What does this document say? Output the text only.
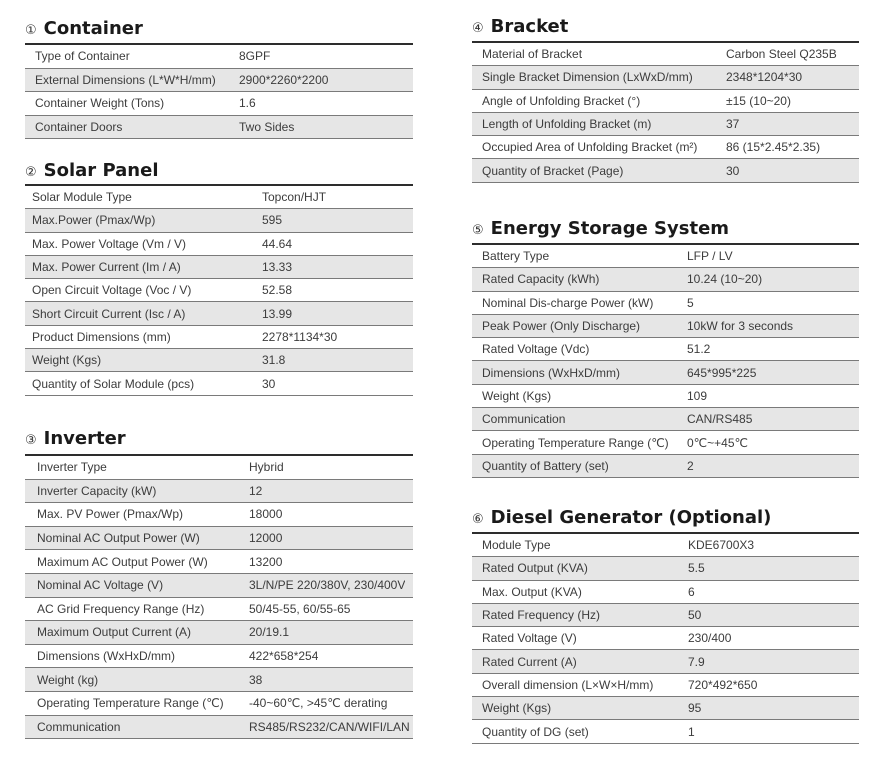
① Container
Type of Container	8GPF
External Dimensions (L*W*H/mm)	2900*2260*2200
Container Weight (Tons)	1.6
Container Doors	Two Sides
② Solar Panel
Solar Module Type	Topcon/HJT
Max.Power (Pmax/Wp)	595
Max. Power Voltage (Vm / V)	44.64
Max. Power Current (Im / A)	13.33
Open Circuit Voltage (Voc / V)	52.58
Short Circuit Current (Isc / A)	13.99
Product Dimensions (mm)	2278*1134*30
Weight (Kgs)	31.8
Quantity of Solar Module (pcs)	30
③ Inverter
Inverter Type	Hybrid
Inverter Capacity (kW)	12
Max. PV Power (Pmax/Wp)	18000
Nominal AC Output Power (W)	12000
Maximum AC Output Power (W)	13200
Nominal AC Voltage (V)	3L/N/PE 220/380V, 230/400V
AC Grid Frequency Range (Hz)	50/45-55, 60/55-65
Maximum Output Current (A)	20/19.1
Dimensions (WxHxD/mm)	422*658*254
Weight (kg)	38
Operating Temperature Range (℃)	-40~60℃, >45℃ derating
Communication	RS485/RS232/CAN/WIFI/LAN
④ Bracket
Material of Bracket	Carbon Steel Q235B
Single Bracket Dimension (LxWxD/mm)	2348*1204*30
Angle of Unfolding Bracket (°)	±15 (10~20)
Length of Unfolding Bracket (m)	37
Occupied Area of Unfolding Bracket (m²)	86 (15*2.45*2.35)
Quantity of Bracket (Page)	30
⑤ Energy Storage System
Battery Type	LFP / LV
Rated Capacity (kWh)	10.24 (10~20)
Nominal Dis-charge Power (kW)	5
Peak Power (Only Discharge)	10kW for 3 seconds
Rated Voltage (Vdc)	51.2
Dimensions (WxHxD/mm)	645*995*225
Weight (Kgs)	109
Communication	CAN/RS485
Operating Temperature Range (℃)	0℃~+45℃
Quantity of Battery (set)	2
⑥ Diesel Generator (Optional)
Module Type	KDE6700X3
Rated Output (KVA)	5.5
Max. Output (KVA)	6
Rated Frequency (Hz)	50
Rated Voltage (V)	230/400
Rated Current (A)	7.9
Overall dimension (L×W×H/mm)	720*492*650
Weight (Kgs)	95
Quantity of DG (set)	1
